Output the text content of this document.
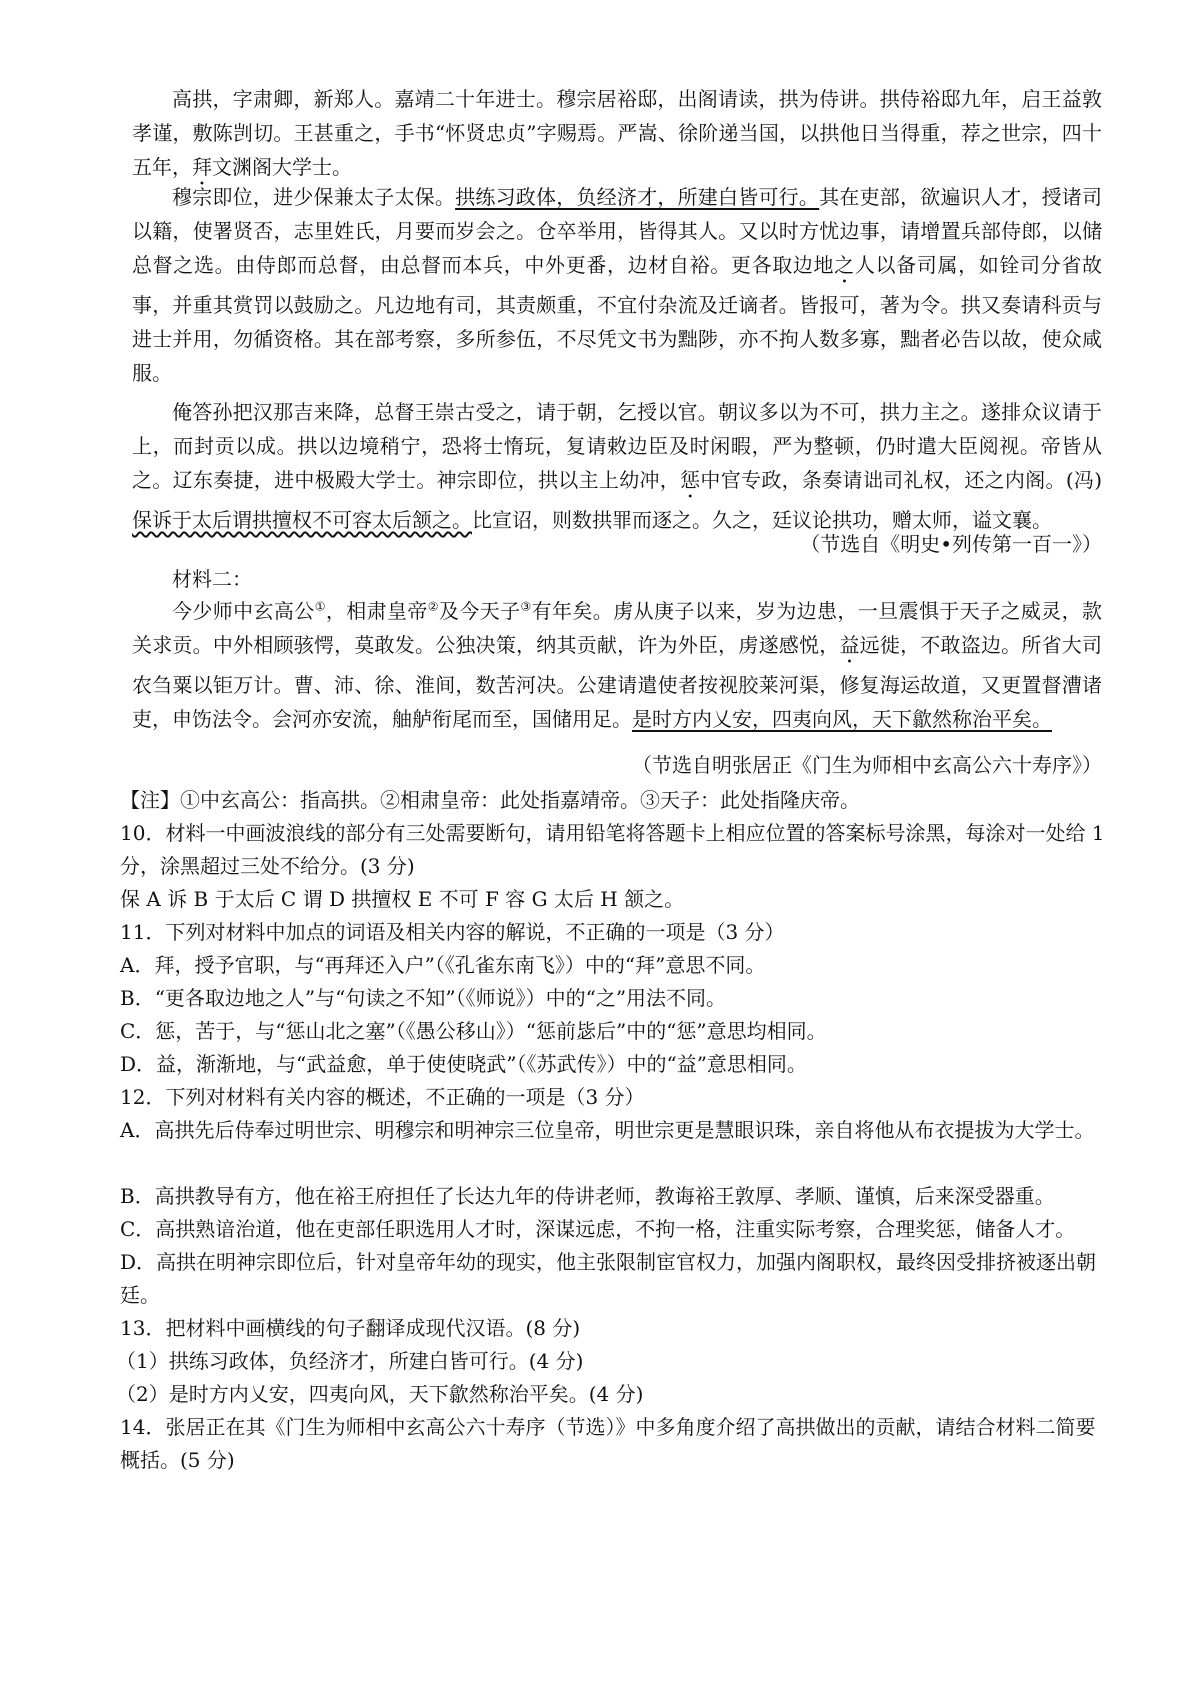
高拱，字肃卿，新郑人。嘉靖二十年进士。穆宗居裕邸，出阁请读，拱为侍讲。拱侍裕邸九年，启王益敦孝谨，敷陈剀切。王甚重之，手书“怀贤忠贞”字赐焉。严嵩、徐阶递当国，以拱他日当得重，荐之世宗，四十五年，拜文渊阁大学士。

穆宗即位，进少保兼太子太保。拱练习政体，负经济才，所建白皆可行。其在吏部，欲遍识人才，授诸司以籍，使署贤否，志里姓氏，月要而岁会之。仓卒举用，皆得其人。又以时方忧边事，请增置兵部侍郎，以储总督之选。由侍郎而总督，由总督而本兵，中外更番，边材自裕。更各取边地之人以备司属，如铨司分省故事，并重其赏罚以鼓励之。凡边地有司，其责颇重，不宜付杂流及迁谪者。皆报可，著为令。拱又奏请科贡与进士并用，勿循资格。其在部考察，多所参伍，不尽凭文书为黜陟，亦不拘人数多寡，黜者必告以故，使众咸服。

俺答孙把汉那吉来降，总督王崇古受之，请于朝，乞授以官。朝议多以为不可，拱力主之。遂排众议请于上，而封贡以成。拱以边境稍宁，恐将士惰玩，复请敕边臣及时闲暇，严为整顿，仍时遣大臣阅视。帝皆从之。辽东奏捷，进中极殿大学士。神宗即位，拱以主上幼冲，惩中官专政，条奏请诎司礼权，还之内阁。(冯)保诉于太后谓拱擅权不可容太后颔之。比宣诏，则数拱罪而逐之。久之，廷议论拱功，赠太师，谥文襄。

（节选自《明史•列传第一百一》）

材料二：

今少师中玄高公①，相肃皇帝②及今天子③有年矣。虏从庚子以来，岁为边患，一旦震惧于天子之威灵，款关求贡。中外相顾骇愕，莫敢发。公独决策，纳其贡献，许为外臣，虏遂感悦，益远徙，不敢盗边。所省大司农刍粟以钜万计。曹、沛、徐、淮间，数苦河决。公建请遣使者按视胶莱河渠，修复海运故道，又更置督漕诸吏，申饬法令。会河亦安流，舳舻衔尾而至，国储用足。是时方内乂安，四夷向风，天下歙然称治平矣。

（节选自明张居正《门生为师相中玄高公六十寿序》）

【注】①中玄高公：指高拱。②相肃皇帝：此处指嘉靖帝。③天子：此处指隆庆帝。

10．材料一中画波浪线的部分有三处需要断句，请用铅笔将答题卡上相应位置的答案标号涂黑，每涂对一处给 1 分，涂黑超过三处不给分。(3 分)

保 A 诉 B 于太后 C 谓 D 拱擅权 E 不可 F 容 G 太后 H 颔之。

11．下列对材料中加点的词语及相关内容的解说，不正确的一项是（3 分）

A．拜，授予官职，与“再拜还入户”（《孔雀东南飞》）中的“拜”意思不同。

B．“更各取边地之人”与“句读之不知”（《师说》）中的“之”用法不同。

C．惩，苦于，与“惩山北之塞”（《愚公移山》）“惩前毖后”中的“惩”意思均相同。

D．益，渐渐地，与“武益愈，单于使使晓武”（《苏武传》）中的“益”意思相同。

12．下列对材料有关内容的概述，不正确的一项是（3 分）

A．高拱先后侍奉过明世宗、明穆宗和明神宗三位皇帝，明世宗更是慧眼识珠，亲自将他从布衣提拔为大学士。

B．高拱教导有方，他在裕王府担任了长达九年的侍讲老师，教诲裕王敦厚、孝顺、谨慎，后来深受器重。

C．高拱熟谙治道，他在吏部任职选用人才时，深谋远虑，不拘一格，注重实际考察，合理奖惩，储备人才。

D．高拱在明神宗即位后，针对皇帝年幼的现实，他主张限制宦官权力，加强内阁职权，最终因受排挤被逐出朝廷。

13．把材料中画横线的句子翻译成现代汉语。(8 分)

（1）拱练习政体，负经济才，所建白皆可行。(4 分)

（2）是时方内乂安，四夷向风，天下歙然称治平矣。(4 分)

14．张居正在其《门生为师相中玄高公六十寿序（节选）》中多角度介绍了高拱做出的贡献，请结合材料二简要概括。(5 分)
